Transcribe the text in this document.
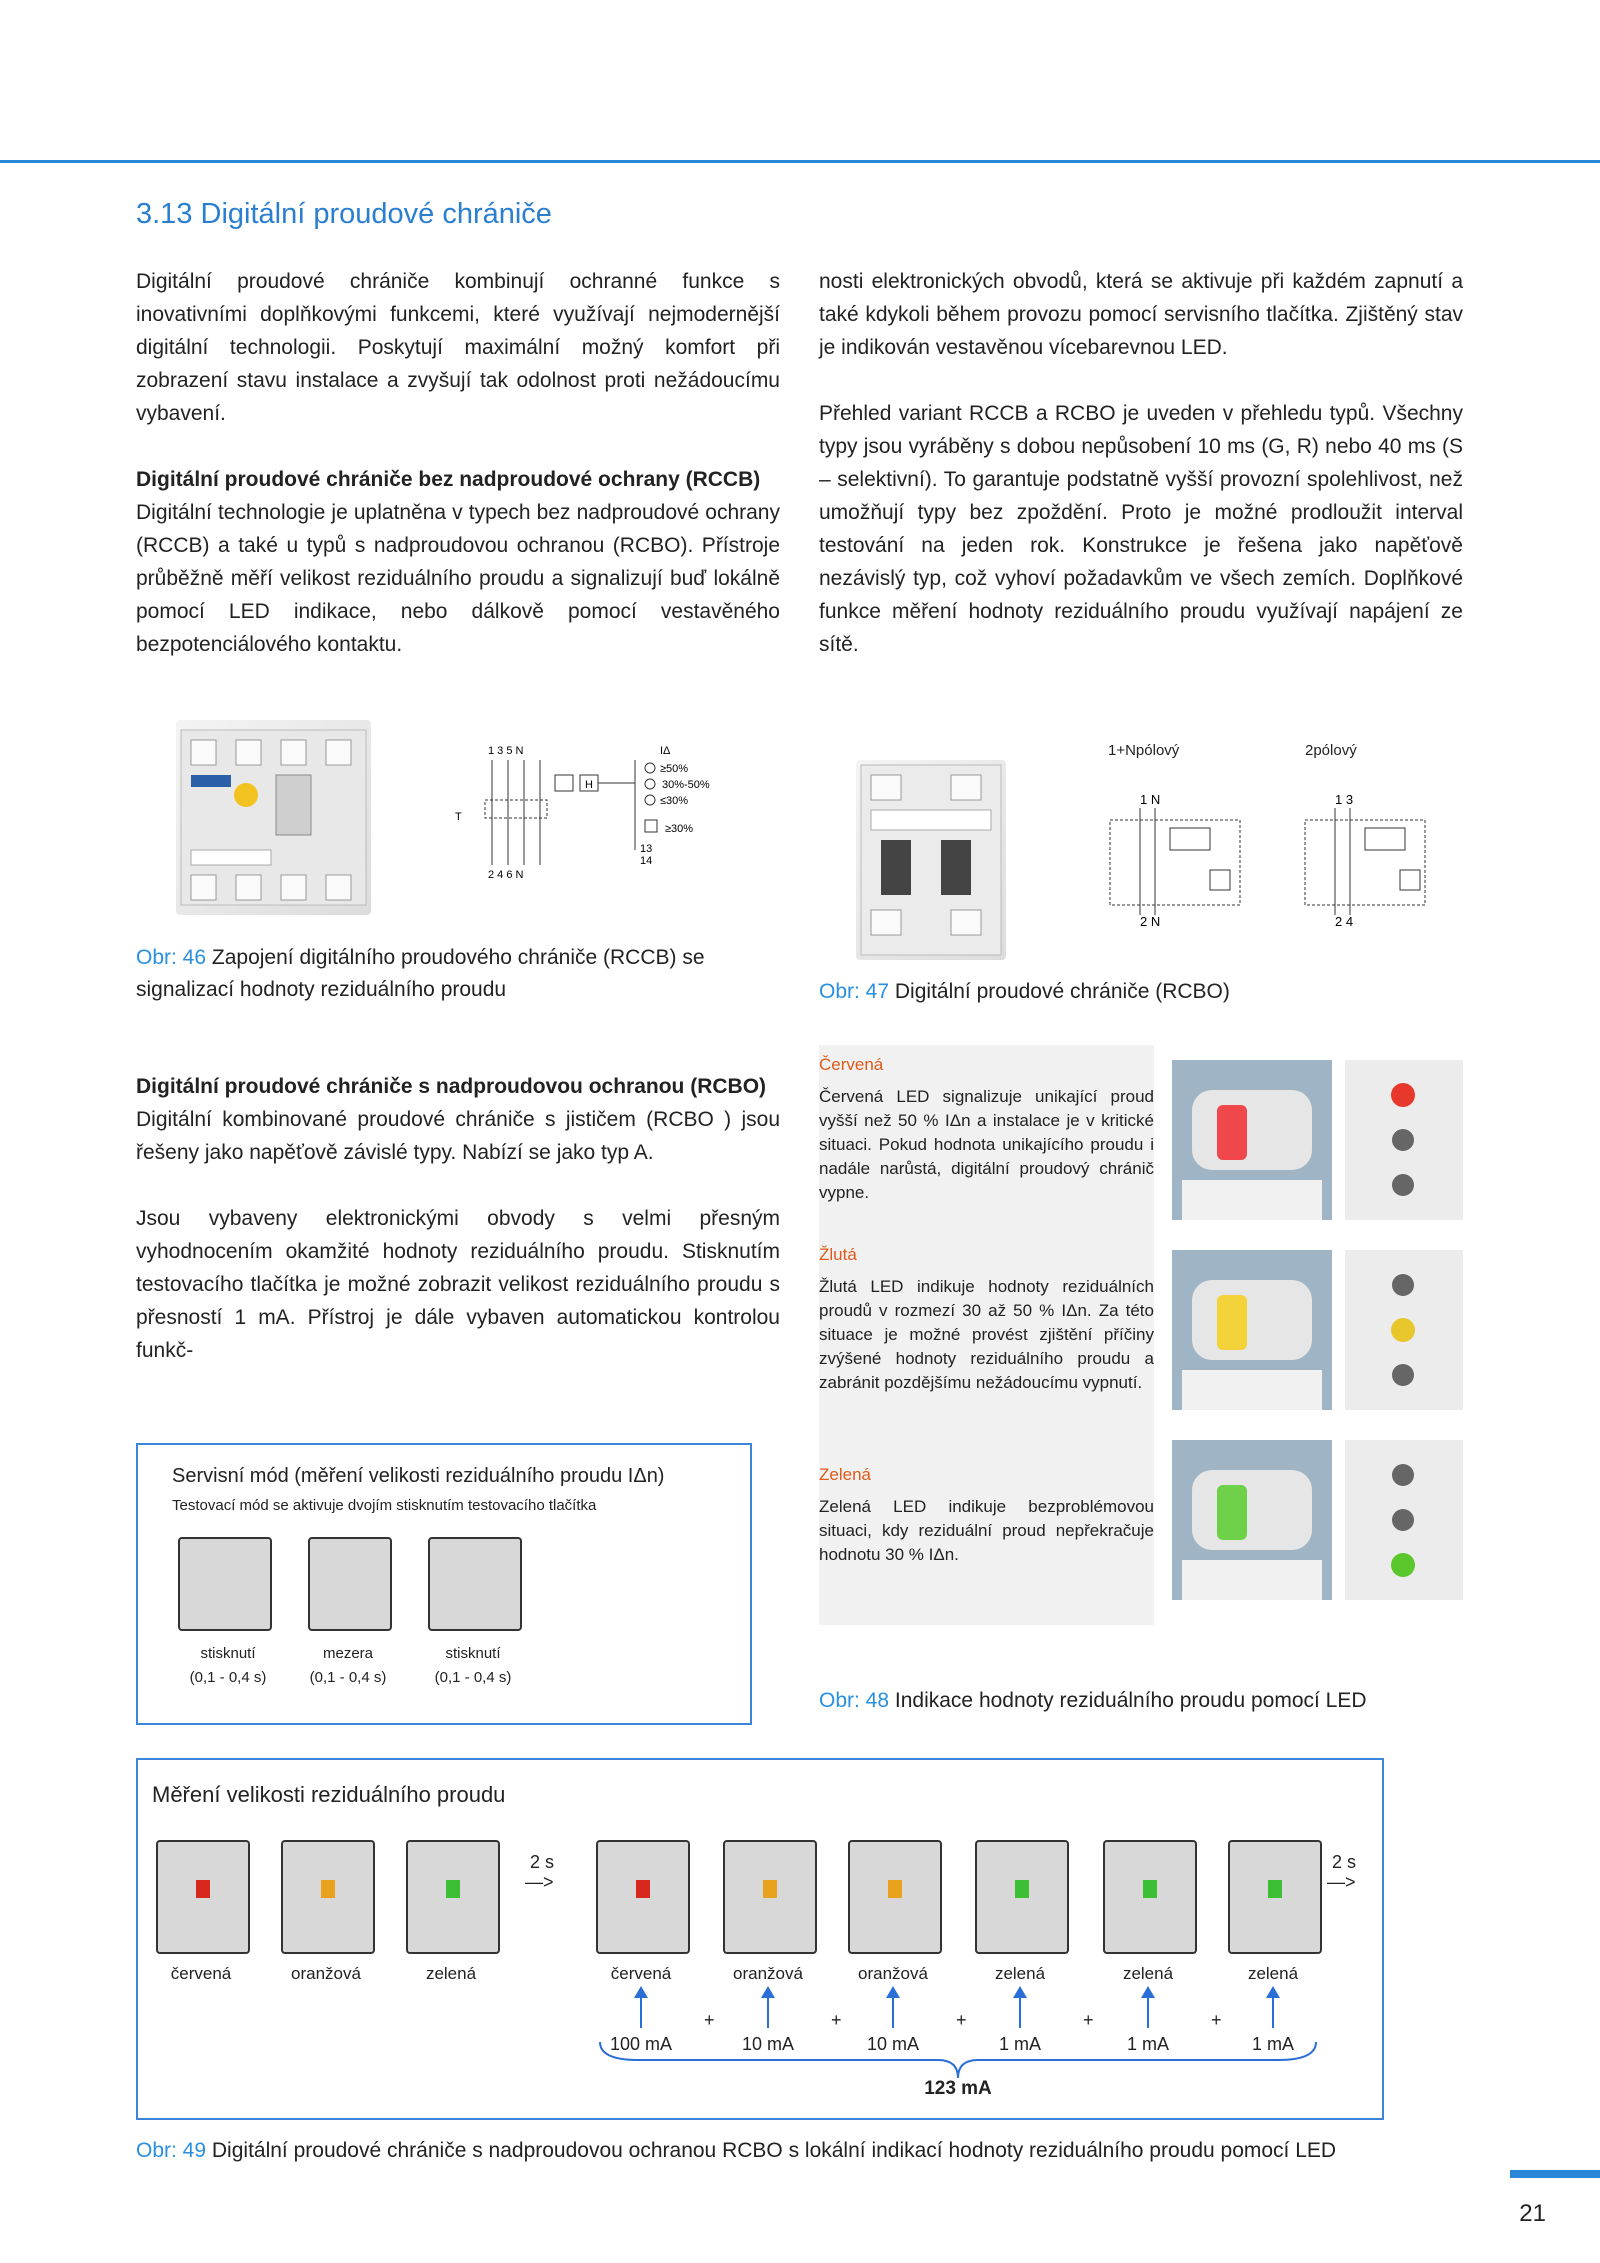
3.13 Digitální proudové chrániče

Digitální proudové chrániče kombinují ochranné funkce s inovativními doplňkovými funkcemi, které využívají nejmodernější digitální technologii. Poskytují maximální možný komfort při zobrazení stavu instalace a zvyšují tak odolnost proti nežádoucímu vybavení.

Digitální proudové chrániče bez nadproudové ochrany (RCCB)
Digitální technologie je uplatněna v typech bez nadproudové ochrany (RCCB) a také u typů s nadproudovou ochranou (RCBO). Přístroje průběžně měří velikost reziduálního proudu a signalizují buď lokálně pomocí LED indikace, nebo dálkově pomocí vestavěného bezpotenciálového kontaktu.

nosti elektronických obvodů, která se aktivuje při každém zapnutí a také kdykoli během provozu pomocí servisního tlačítka. Zjištěný stav je indikován vestavěnou vícebarevnou LED.

Přehled variant RCCB a RCBO je uveden v přehledu typů. Všechny typy jsou vyráběny s dobou nepůsobení 10 ms (G, R) nebo 40 ms (S – selektivní). To garantuje podstatně vyšší provozní spolehlivost, než umožňují typy bez zpoždění. Proto je možné prodloužit interval testování na jeden rok. Konstrukce je řešena jako napěťově nezávislý typ, což vyhoví požadavkům ve všech zemích. Doplňkové funkce měření hodnoty reziduálního proudu využívají napájení ze sítě.
1 3 5 N
2 4 6 N
T
H
IΔ
≥50%
30%-50%
≤30%
≥30%
13
14
Obr: 46 Zapojení digitálního proudového chrániče (RCCB) se signalizací hodnoty reziduálního proudu
1+Npólový	2pólový
1 N
2 N
1 3
2 4
Obr: 47 Digitální proudové chrániče (RCBO)
Digitální proudové chrániče s nadproudovou ochranou (RCBO)

Digitální kombinované proudové chrániče s jističem (RCBO ) jsou řešeny jako napěťově závislé typy. Nabízí se jako typ A.

Jsou vybaveny elektronickými obvody s velmi přesným vyhodnocením okamžité hodnoty reziduálního proudu. Stisknutím testovacího tlačítka je možné zobrazit velikost reziduálního proudu s přesností 1 mA. Přístroj je dále vybaven automatickou kontrolou funkč-
Servisní mód (měření velikosti reziduálního proudu IΔn)
Testovací mód se aktivuje dvojím stisknutím testovacího tlačítka
stisknutí
(0,1 - 0,4 s)
mezera
(0,1 - 0,4 s)
stisknutí
(0,1 - 0,4 s)
Červená
Červená LED signalizuje unikající proud vyšší než 50 % IΔn a instalace je v kritické situaci. Pokud hodnota unikajícího proudu i nadále narůstá, digitální proudový chránič vypne.
Žlutá
Žlutá LED indikuje hodnoty reziduálních proudů v rozmezí 30 až 50 % IΔn. Za této situace je možné provést zjištění příčiny zvýšené hodnoty reziduálního proudu a zabránit pozdějšímu nežádoucímu vypnutí.
Zelená
Zelená LED indikuje bezproblémovou situaci, kdy reziduální proud nepřekračuje hodnotu 30 % IΔn.
Obr: 48 Indikace hodnoty reziduálního proudu pomocí LED
Měření velikosti reziduálního proudu
červená	oranžová	zelená	červená
100 mA
+
oranžová
10 mA
+
oranžová
10 mA
+
zelená
1 mA
+
zelená
1 mA
+
zelená
1 mA
2 s
—>
2 s
—>
123 mA
Obr: 49 Digitální proudové chrániče s nadproudovou ochranou RCBO s lokální indikací hodnoty reziduálního proudu pomocí LED
21
